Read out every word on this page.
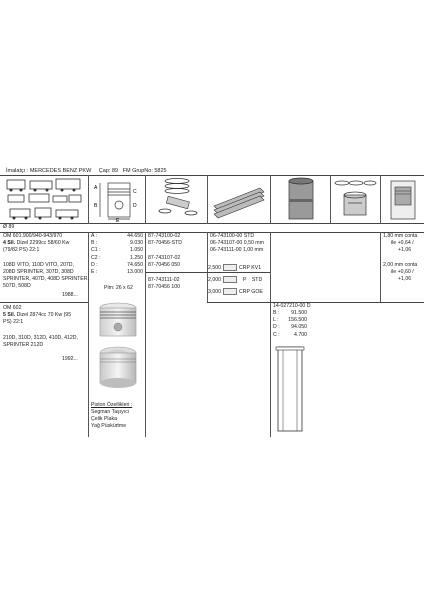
İmalatçı : MERCEDES BENZ PKW Çap: 89 FM GrupNo: 5825
A
B
C
D
E
Ø 89
OM 601.900/940-943/970
4 Sil. Dizel 2299cc 58/60 Kw
(79/82 PS) 22:1
108D VITO, 110D VITO, 207D,
208D SPRINTER, 307D, 308D
SPRINTER, 407D, 408D SPRINTER,
507D, 508D
1988...
OM 602
5 Sil. Dizel 2874cc 70 Kw (95
PS) 22:1
210D, 310D, 312D, 410D, 412D,
SPRINTER 212D
1992...
A :	44.650
B :	9.030
C1 :	1.050
C2 :	1.250
D :	74.650
E :	13.000
Pim: 26 x 62
87-743100-02
87-70456-STD
87-743107-02
87-70456 050
87-743111-02
87-70456 100
06-743100-00 STD
06-743107-00 0,50 mm
06-743111-00 1,00 mm
2,500	CRP KV1
2,000	P STD
3,000	CRP GOE
1,80 mm conta
ile +0,64 /
+1,06
2,00 mm conta
ile +0,60 /
+1,06
14-027210-00 D
B : 91.500
L : 156.500
D : 94.050
C :	4.700
Piston Özellikleri :
Segman Taşıyıcı
Çelik Plaka
Yağ Püskürtme
